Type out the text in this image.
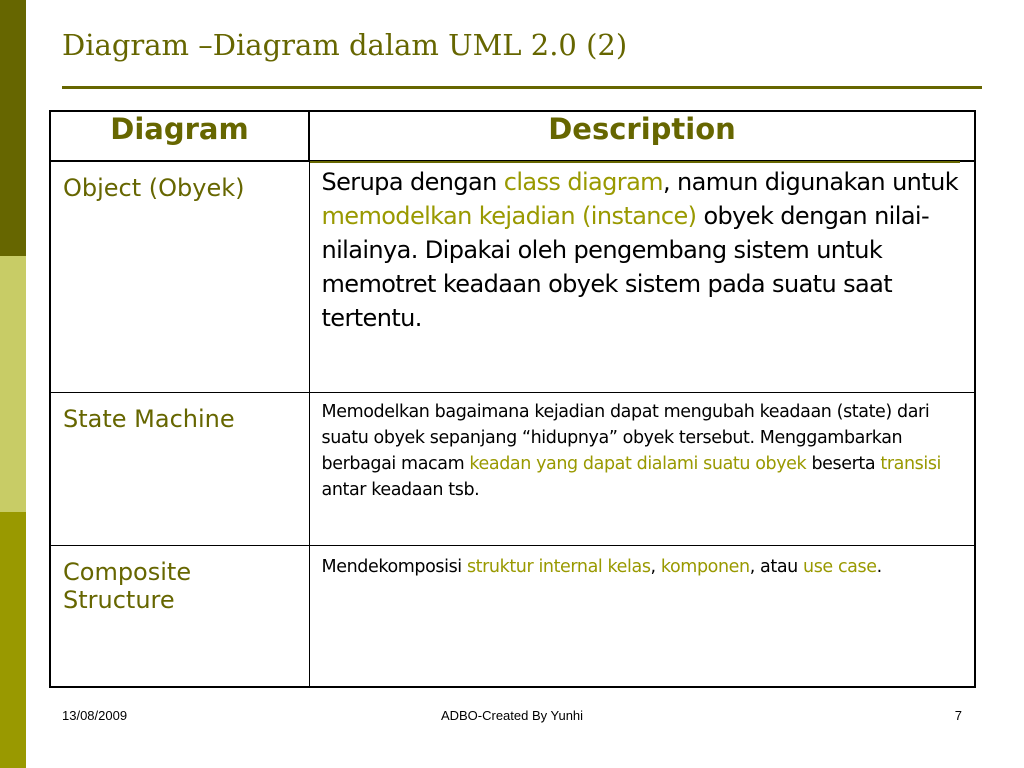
Diagram –Diagram dalam UML 2.0 (2)
Diagram	Description

Object (Obyek)	Serupa dengan class diagram, namun digunakan untuk memodelkan kejadian (instance) obyek dengan nilai-nilainya. Dipakai oleh pengembang sistem untuk memotret keadaan obyek sistem pada suatu saat tertentu.
State Machine	Memodelkan bagaimana kejadian dapat mengubah keadaan (state) dari suatu obyek sepanjang “hidupnya” obyek tersebut. Menggambarkan berbagai macam keadan yang dapat dialami suatu obyek beserta transisi antar keadaan tsb.
Composite Structure	Mendekomposisi struktur internal kelas, komponen, atau use case.
13/08/2009	ADBO-Created By Yunhi	7
